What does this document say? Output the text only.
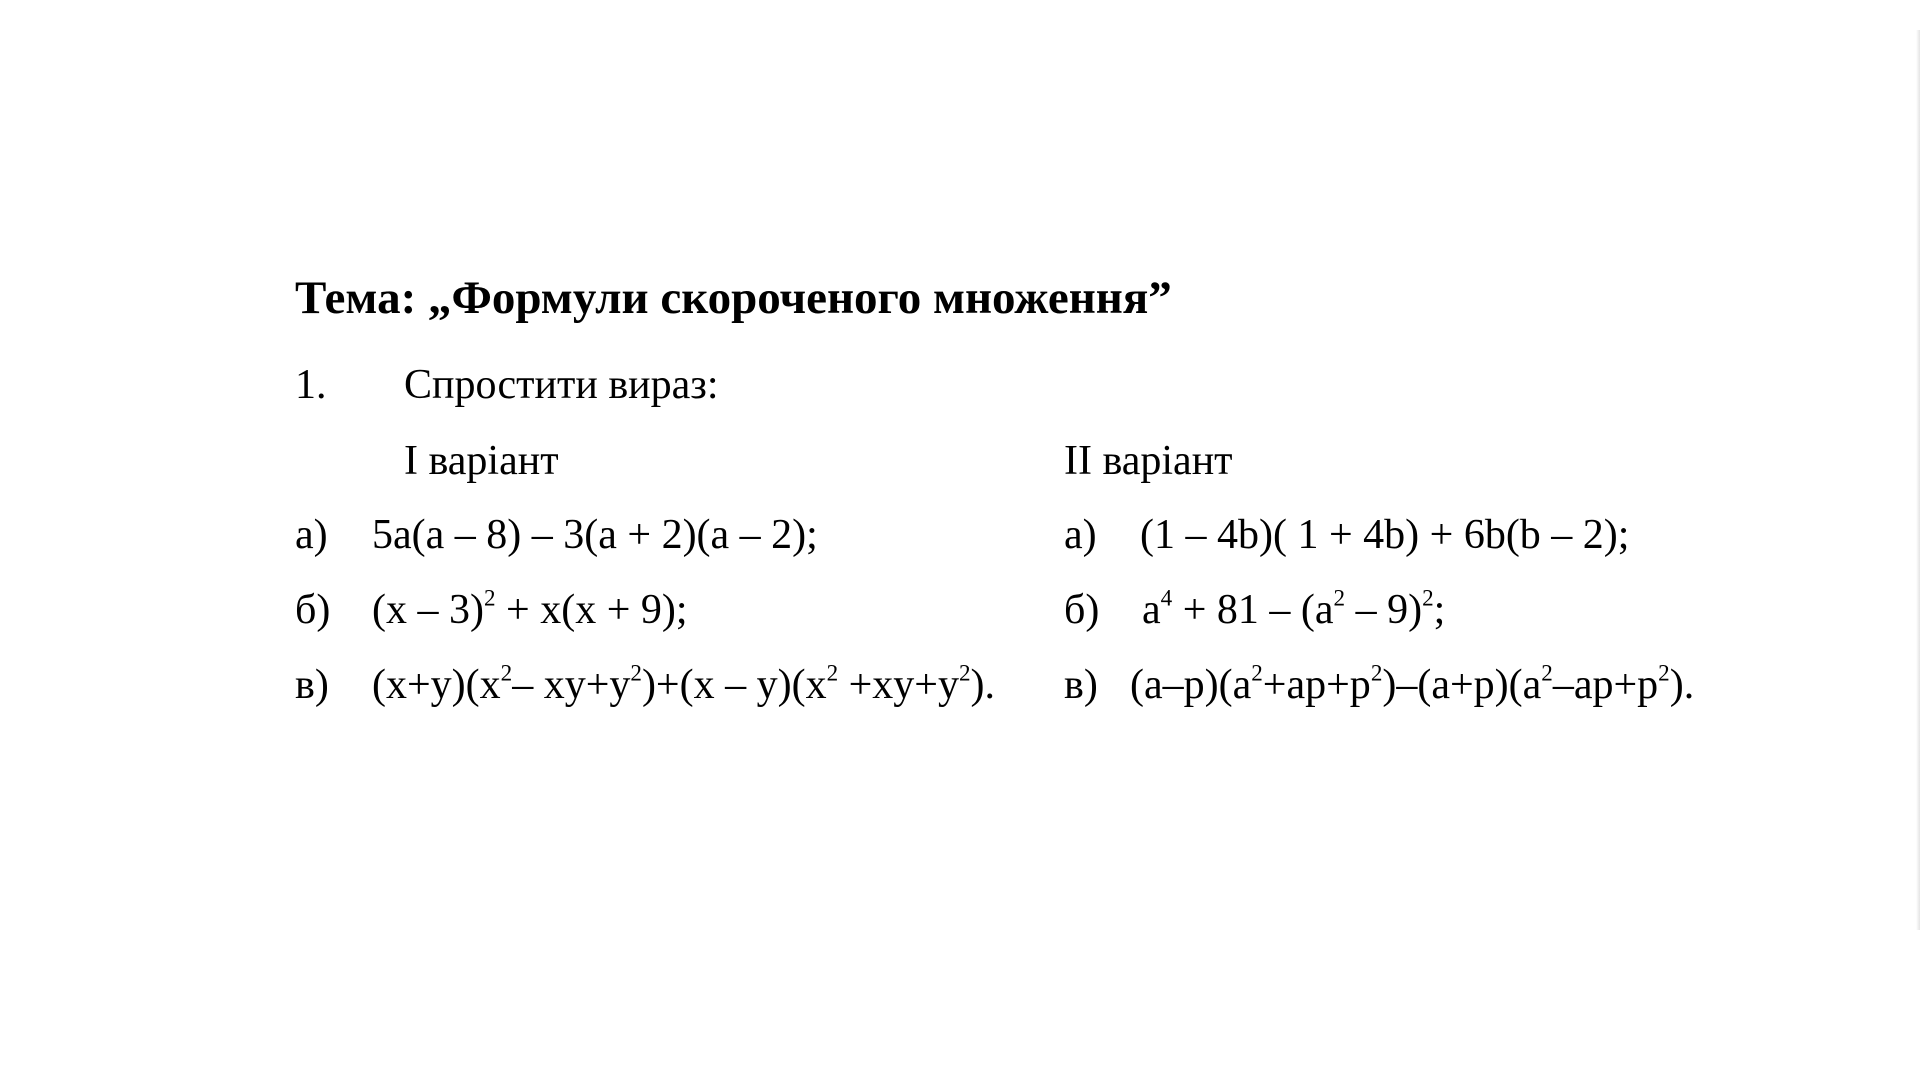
Тема: „Формули скороченого множення”
1. Спростити вираз:
I варіант
а) 5a(a – 8) – 3(a + 2)(a – 2);
б) (x – 3)$^2$ + x(x + 9);
в) $(x+y)(x^2-$ $xy+y^2)+(x - y)(x^2 +xy+y^2)$.
II варіант
а) (1 – 4b)( 1 + 4b) + 6b(b – 2);
б) $a^4 + 81 - (a^2 - 9)^2$;
в) $(a-p)(a^2+ap+p^2)-(a+p)(a^2-ap+p^2)$.
